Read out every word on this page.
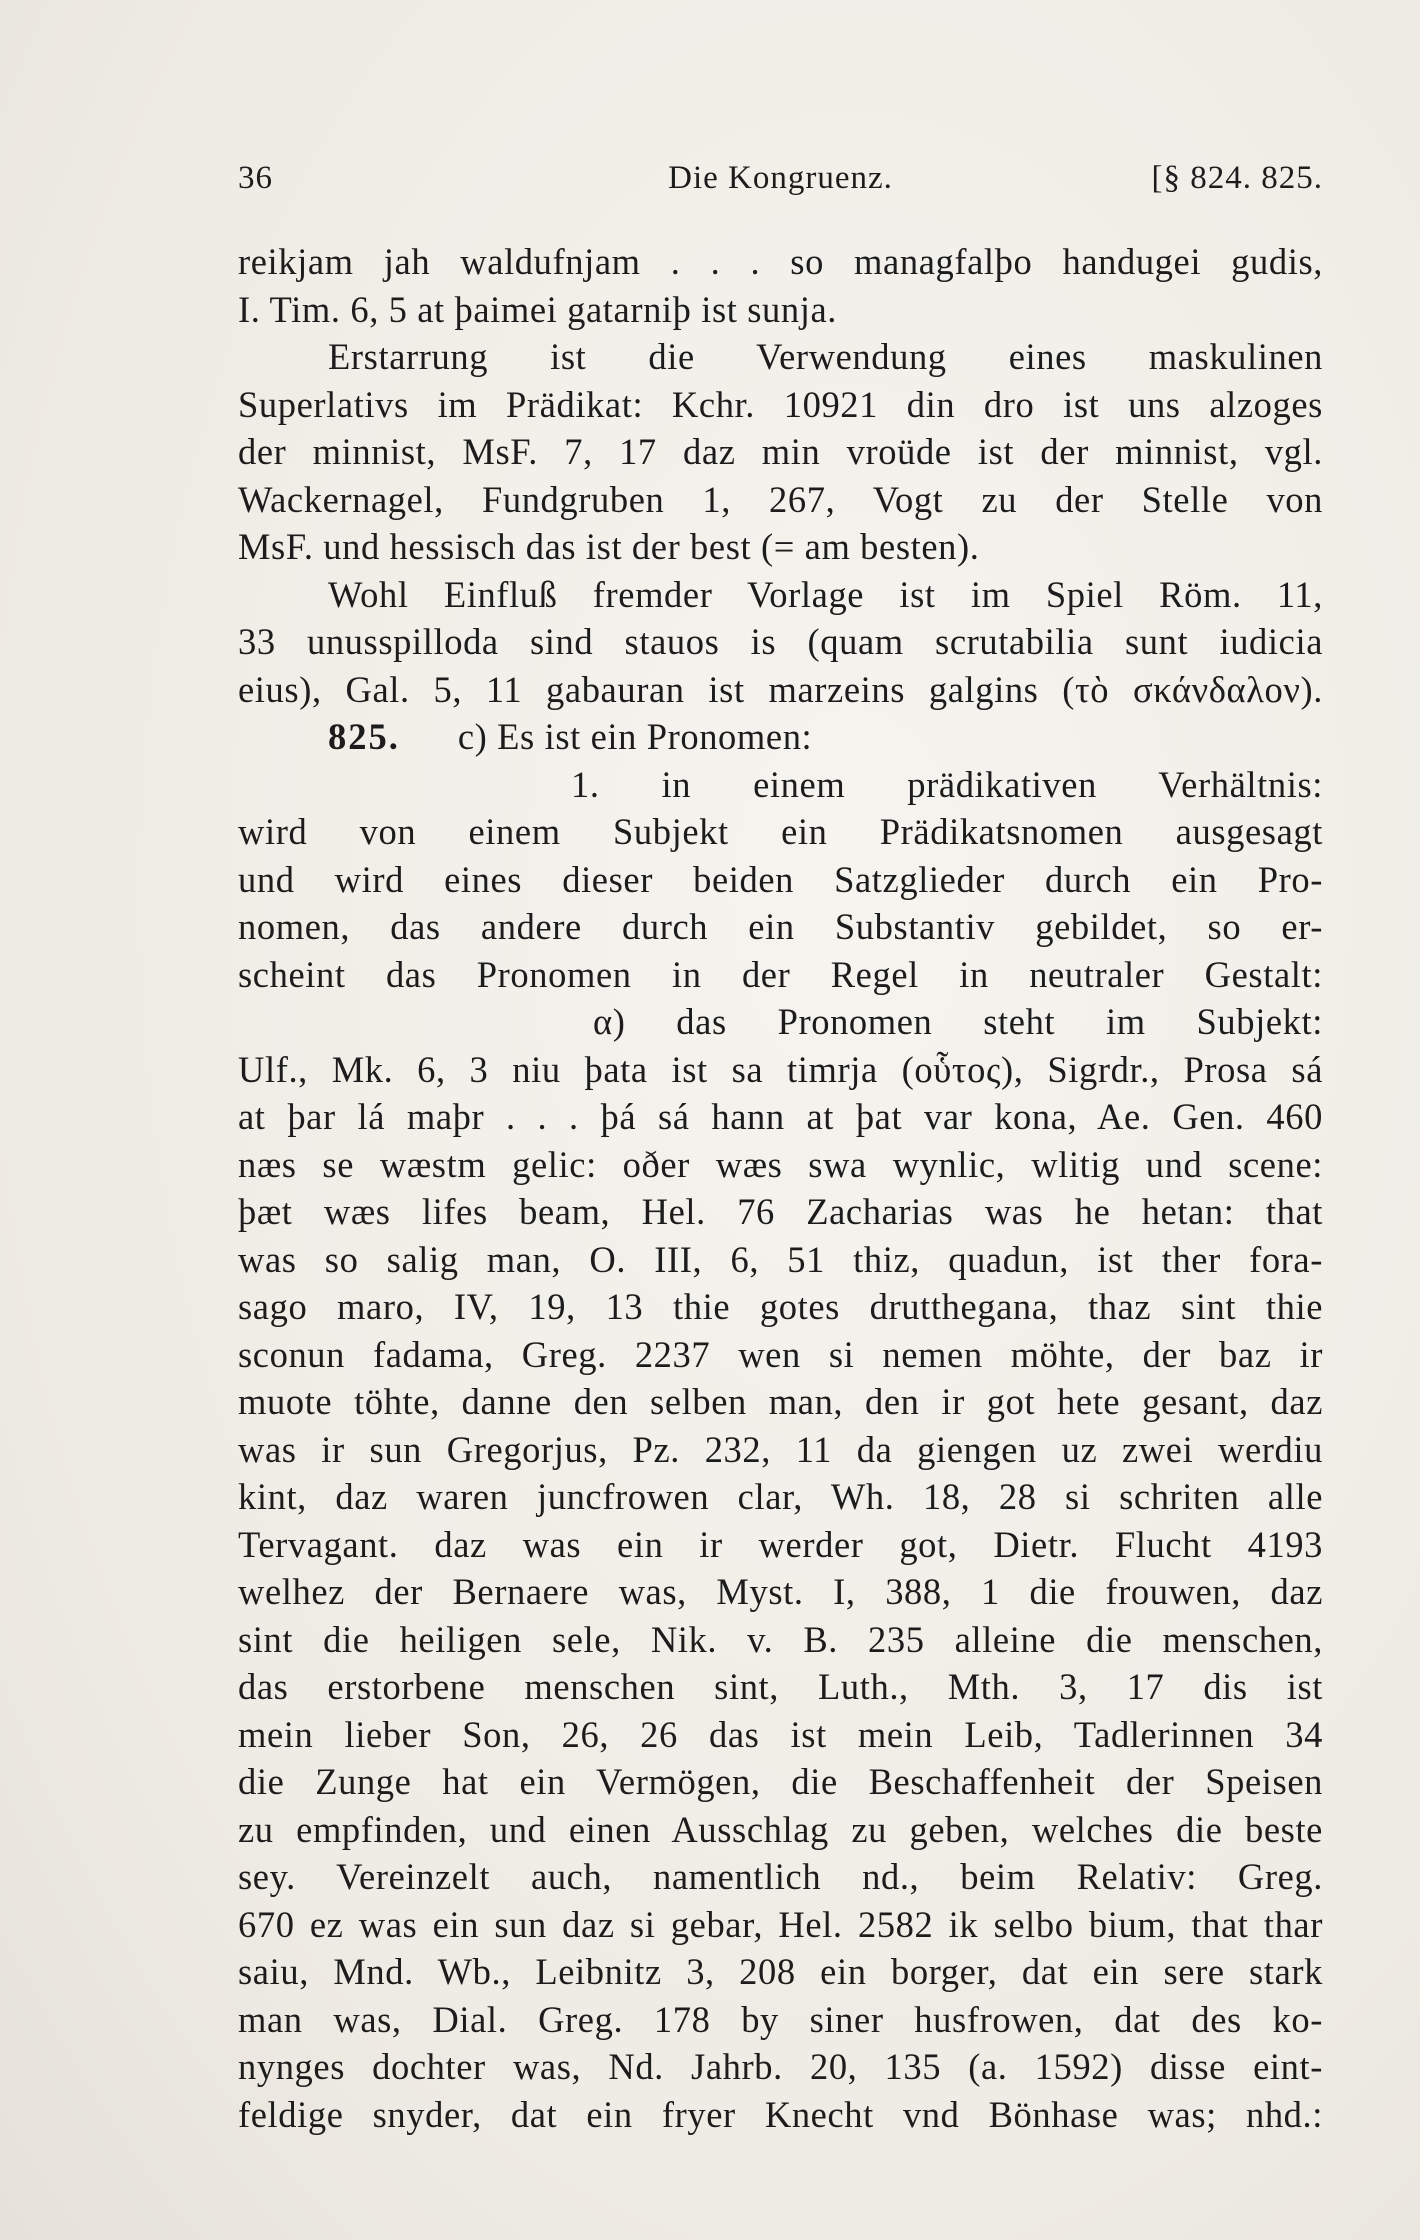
36	Die Kongruenz.	[§ 824. 825.
reikjam jah waldufnjam . . . so managfalþo handugei gudis,
I. Tim. 6, 5 at þaimei gatarniþ ist sunja.
Erstarrung ist die Verwendung eines maskulinen
Superlativs im Prädikat: Kchr. 10921 din dro ist uns alzoges
der minnist, MsF. 7, 17 daz min vroüde ist der minnist, vgl.
Wackernagel, Fundgruben 1, 267, Vogt zu der Stelle von
MsF. und hessisch das ist der best (= am besten).
Wohl Einfluß fremder Vorlage ist im Spiel Röm. 11,
33 unusspilloda sind stauos is (quam scrutabilia sunt iudicia
eius), Gal. 5, 11 gabauran ist marzeins galgins (τὸ σκάνδαλον).
825. c) Es ist ein Pronomen:
1. in einem prädikativen Verhältnis:
wird von einem Subjekt ein Prädikatsnomen ausgesagt
und wird eines dieser beiden Satzglieder durch ein Pro-
nomen, das andere durch ein Substantiv gebildet, so er-
scheint das Pronomen in der Regel in neutraler Gestalt:
α) das Pronomen steht im Subjekt:
Ulf., Mk. 6, 3 niu þata ist sa timrja (οὗτος), Sigrdr., Prosa sá
at þar lá maþr . . . þá sá hann at þat var kona, Ae. Gen. 460
næs se wæstm gelic: oðer wæs swa wynlic, wlitig und scene:
þæt wæs lifes beam, Hel. 76 Zacharias was he hetan: that
was so salig man, O. III, 6, 51 thiz, quadun, ist ther fora-
sago maro, IV, 19, 13 thie gotes drutthegana, thaz sint thie
sconun fadama, Greg. 2237 wen si nemen möhte, der baz ir
muote töhte, danne den selben man, den ir got hete gesant, daz
was ir sun Gregorjus, Pz. 232, 11 da giengen uz zwei werdiu
kint, daz waren juncfrowen clar, Wh. 18, 28 si schriten alle
Tervagant. daz was ein ir werder got, Dietr. Flucht 4193
welhez der Bernaere was, Myst. I, 388, 1 die frouwen, daz
sint die heiligen sele, Nik. v. B. 235 alleine die menschen,
das erstorbene menschen sint, Luth., Mth. 3, 17 dis ist
mein lieber Son, 26, 26 das ist mein Leib, Tadlerinnen 34
die Zunge hat ein Vermögen, die Beschaffenheit der Speisen
zu empfinden, und einen Ausschlag zu geben, welches die beste
sey. Vereinzelt auch, namentlich nd., beim Relativ: Greg.
670 ez was ein sun daz si gebar, Hel. 2582 ik selbo bium, that thar
saiu, Mnd. Wb., Leibnitz 3, 208 ein borger, dat ein sere stark
man was, Dial. Greg. 178 by siner husfrowen, dat des ko-
nynges dochter was, Nd. Jahrb. 20, 135 (a. 1592) disse eint-
feldige snyder, dat ein fryer Knecht vnd Bönhase was; nhd.:
